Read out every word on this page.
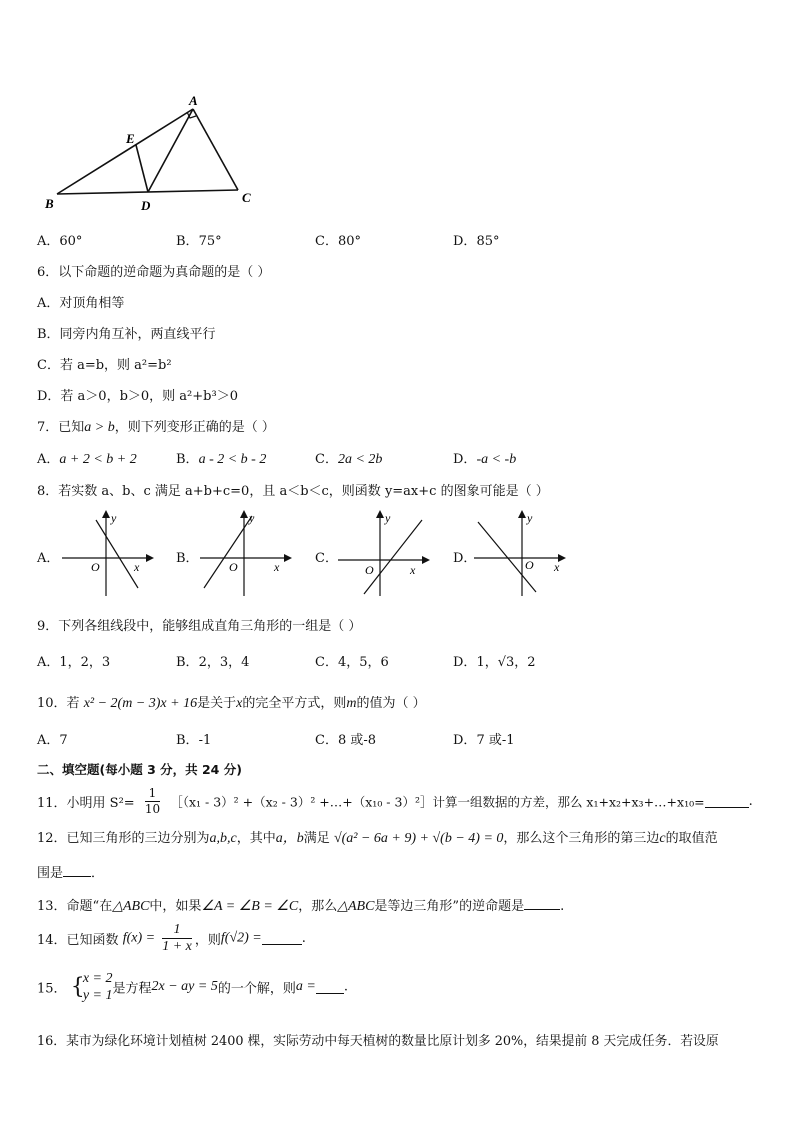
A
E
B	D
C
A．60°	B．75°	C．80°	D．85°
6．以下命题的逆命题为真命题的是（ ）
A．对顶角相等
B．同旁内角互补，两直线平行
C．若 a=b，则 a²=b²
D．若 a＞0，b＞0，则 a²+b³＞0
7．已知a > b，则下列变形正确的是（ ）
A．a + 2 < b + 2	B．a - 2 < b - 2	C．2a < 2b	D．-a < -b
8．若实数 a、b、c 满足 a+b+c=0，且 a＜b＜c，则函数 y=ax+c 的图象可能是（ ）
A．
y
x
O
B．
y
x
O
C．
y
x
O
D．
y
x
O
9．下列各组线段中，能够组成直角三角形的一组是（ ）
A．1，2，3	B．2，3，4	C．4，5，6	D．1，√3，2
10．若 x² − 2(m − 3)x + 16是关于x的完全平方式，则m的值为（ ）
A．7	B．-1	C．8 或-8	D．7 或-1
二、填空题(每小题 3 分，共 24 分)
11．小明用 $S^2= \frac{1}{10}$ ［（x₁ - 3）² +（x₂ - 3）² +…+（x₁₀ - 3）²］计算一组数据的方差，那么 x₁+x₂+x₃+…+x₁₀=	.
12．已知三角形的三边分别为a,b,c，其中a，b满足 √(a² − 6a + 9) + √(b − 4) = 0，那么这个三角形的第三边c的取值范
围是 ．
13．命题“在△ABC中，如果∠A = ∠B = ∠C，那么△ABC是等边三角形”的逆命题是	.
14．已知函数 $f(x) = \frac{1}{1 + x}$ ，则f(√2) =	.
15． {
x = 2
y = 1 是方程2x − ay = 5的一个解，则a = .
16．某市为绿化环境计划植树 2400 棵，实际劳动中每天植树的数量比原计划多 20%，结果提前 8 天完成任务．若设原
